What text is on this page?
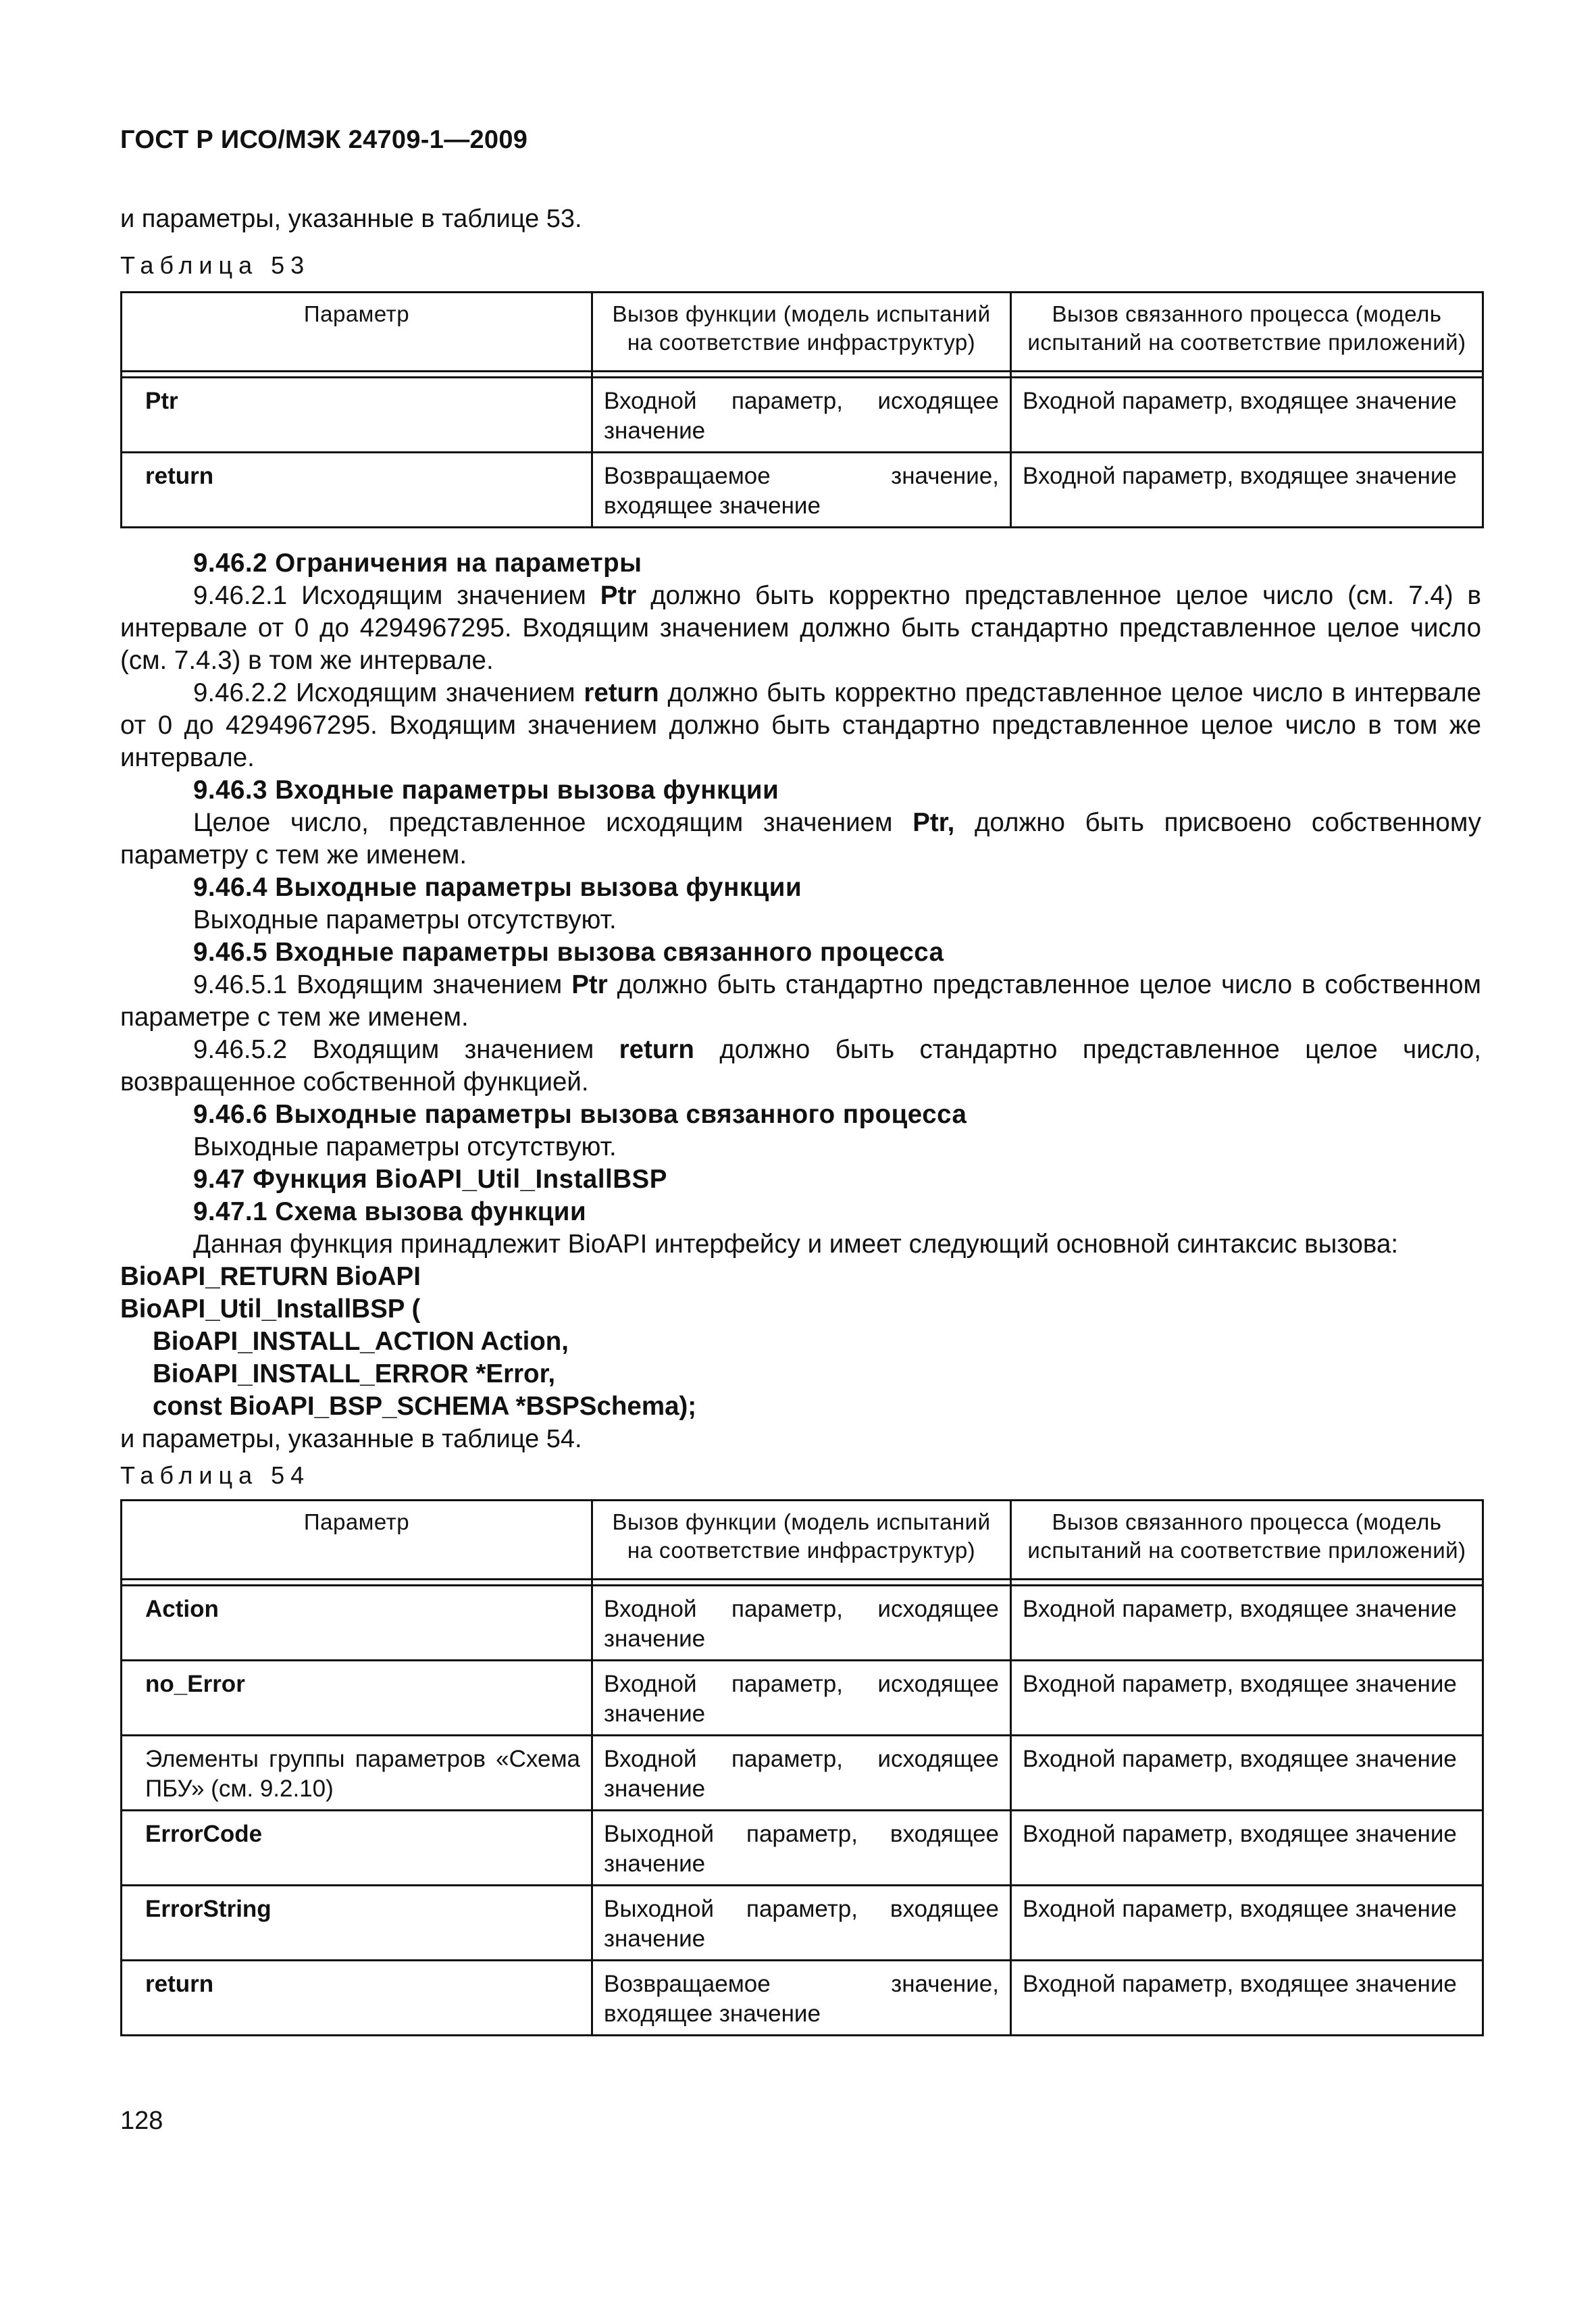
ГОСТ Р ИСО/МЭК 24709-1—2009
и параметры, указанные в таблице 53.
Таблица 53
Параметр	Вызов функции (модель испытаний на соответствие инфраструктур)	Вызов связанного процесса (модель испытаний на соответствие приложений)

Ptr	Входной параметр, исходящее значение	Входной параметр, входящее значение
return	Возвращаемое значение, входящее значение	Входной параметр, входящее значение
9.46.2 Ограничения на параметры
9.46.2.1 Исходящим значением Ptr должно быть корректно представленное целое число (см. 7.4) в интервале от 0 до 4294967295. Входящим значением должно быть стандартно представленное целое число (см. 7.4.3) в том же интервале.
9.46.2.2 Исходящим значением return должно быть корректно представленное целое число в интервале от 0 до 4294967295. Входящим значением должно быть стандартно представленное целое число в том же интервале.
9.46.3 Входные параметры вызова функции
Целое число, представленное исходящим значением Ptr, должно быть присвоено собственному параметру с тем же именем.
9.46.4 Выходные параметры вызова функции
Выходные параметры отсутствуют.
9.46.5 Входные параметры вызова связанного процесса
9.46.5.1 Входящим значением Ptr должно быть стандартно представленное целое число в собственном параметре с тем же именем.
9.46.5.2 Входящим значением return должно быть стандартно представленное целое число, возвращенное собственной функцией.
9.46.6 Выходные параметры вызова связанного процесса
Выходные параметры отсутствуют.
9.47 Функция BioAPI_Util_InstallBSP
9.47.1 Схема вызова функции
Данная функция принадлежит BioAPI интерфейсу и имеет следующий основной синтаксис вызова:
BioAPI_RETURN BioAPI
BioAPI_Util_InstallBSP (
BioAPI_INSTALL_ACTION Action,
BioAPI_INSTALL_ERROR *Error,
const BioAPI_BSP_SCHEMA *BSPSchema);
и параметры, указанные в таблице 54.
Таблица 54
Параметр	Вызов функции (модель испытаний на соответствие инфраструктур)	Вызов связанного процесса (модель испытаний на соответствие приложений)

Action	Входной параметр, исходящее значение	Входной параметр, входящее значение
no_Error	Входной параметр, исходящее значение	Входной параметр, входящее значение
Элементы группы параметров «Схема ПБУ» (см. 9.2.10)	Входной параметр, исходящее значение	Входной параметр, входящее значение
ErrorCode	Выходной параметр, входящее значение	Входной параметр, входящее значение
ErrorString	Выходной параметр, входящее значение	Входной параметр, входящее значение
return	Возвращаемое значение, входящее значение	Входной параметр, входящее значение
128
